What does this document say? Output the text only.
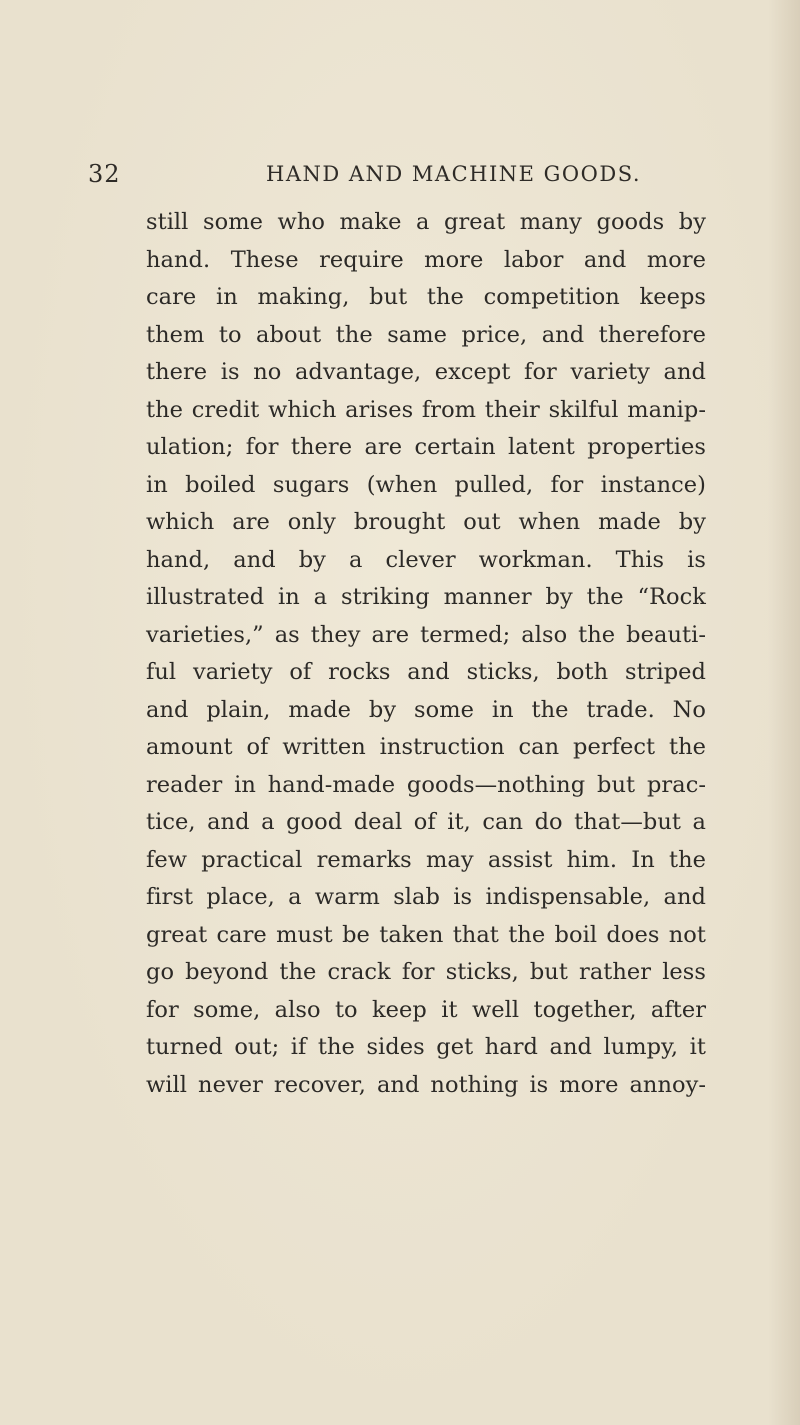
32	HAND AND MACHINE GOODS.
still some who make a great many goods by
hand. These require more labor and more
care in making, but the competition keeps
them to about the same price, and therefore
there is no advantage, except for variety and
the credit which arises from their skilful manip-
ulation; for there are certain latent properties
in boiled sugars (when pulled, for instance)
which are only brought out when made by
hand, and by a clever workman. This is
illustrated in a striking manner by the “Rock
varieties,” as they are termed; also the beauti-
ful variety of rocks and sticks, both striped
and plain, made by some in the trade. No
amount of written instruction can perfect the
reader in hand-made goods—nothing but prac-
tice, and a good deal of it, can do that—but a
few practical remarks may assist him. In the
first place, a warm slab is indispensable, and
great care must be taken that the boil does not
go beyond the crack for sticks, but rather less
for some, also to keep it well together, after
turned out; if the sides get hard and lumpy, it
will never recover, and nothing is more annoy-
